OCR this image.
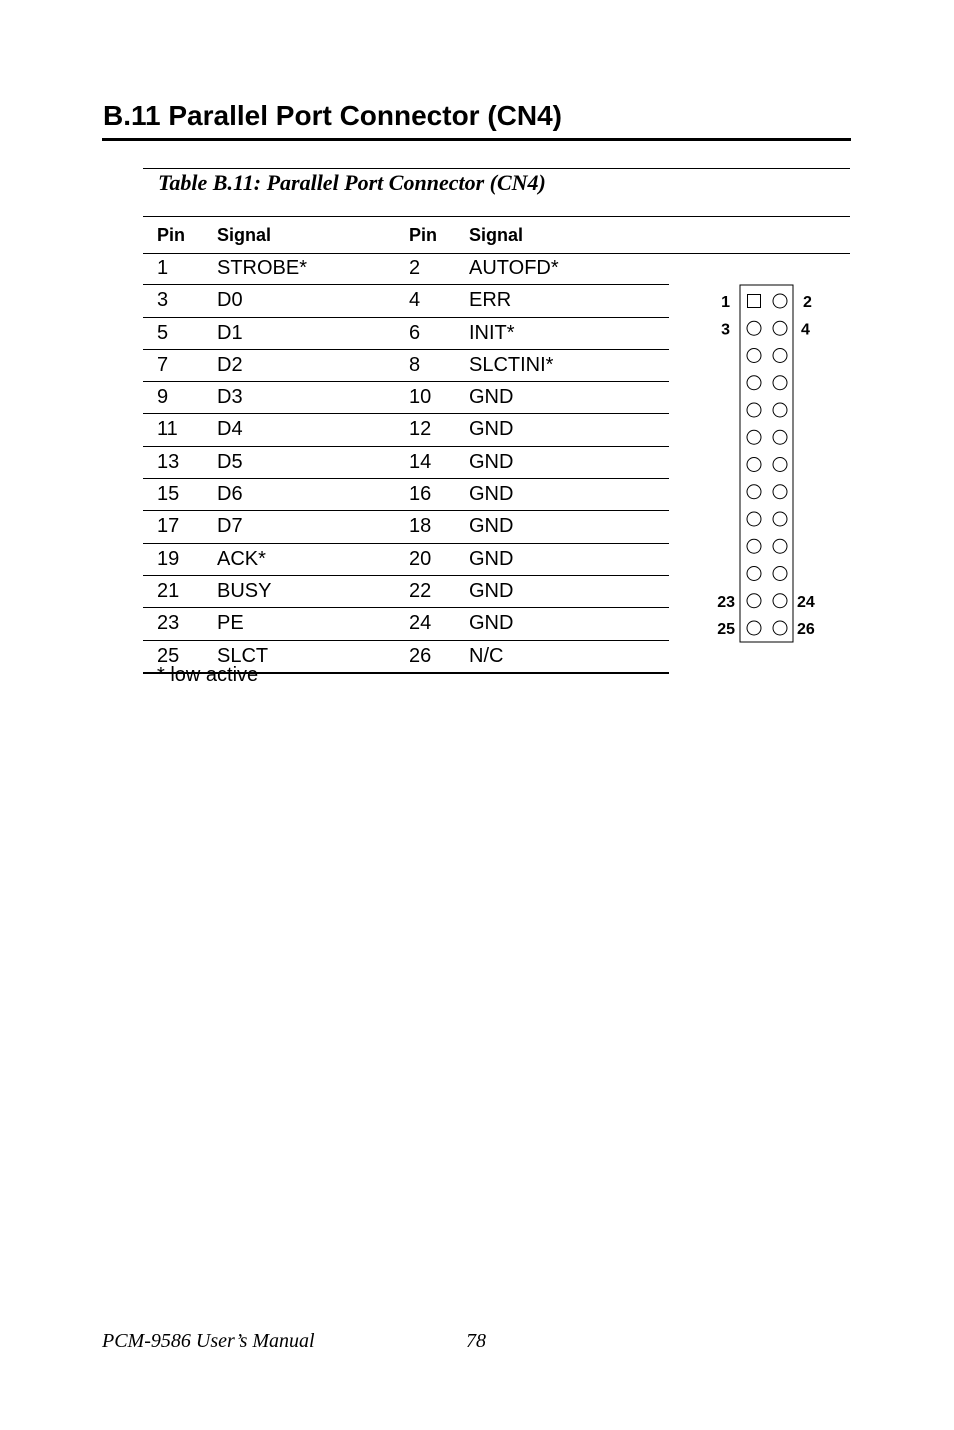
B.11 Parallel Port Connector (CN4)
Table B.11: Parallel Port Connector (CN4)
Pin Signal	Pin Signal
1 STROBE*	2 AUTOFD*
3 D0	4 ERR
5 D1	6 INIT*
7 D2	8 SLCTINI*
9 D3	10 GND
11 D4	12 GND
13 D5	14 GND
15 D6	16 GND
17 D7	18 GND
19 ACK*	20 GND
21 BUSY	22 GND
23 PE	24 GND
25 SLCT	26 N/C
* low active
1	2
3	4
23	24
25	26
PCM-9586 User’s Manual	78
